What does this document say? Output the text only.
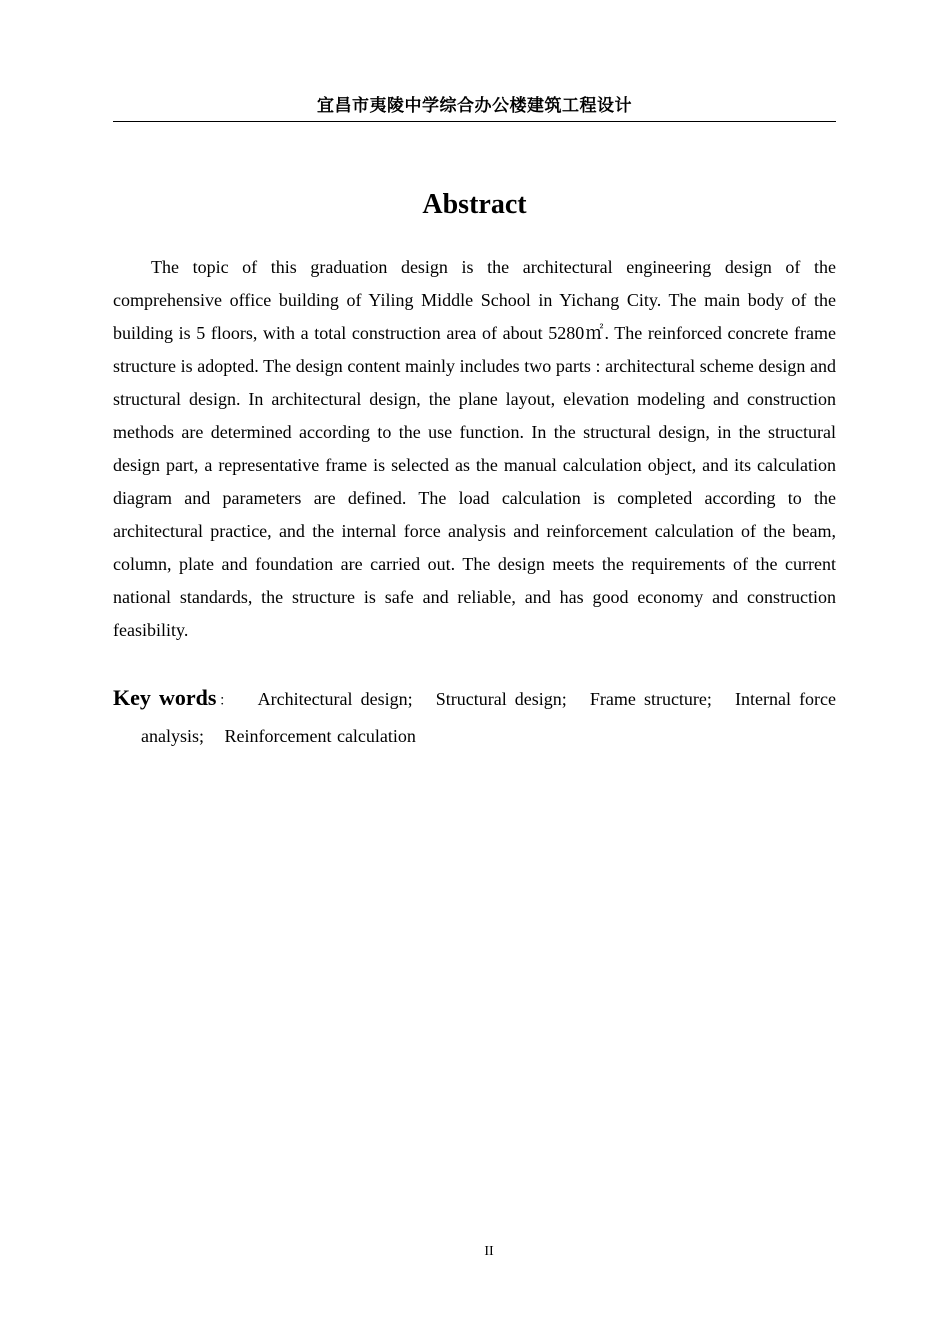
宜昌市夷陵中学综合办公楼建筑工程设计
Abstract

The topic of this graduation design is the architectural engineering design of the comprehensive office building of Yiling Middle School in Yichang City. The main body of the building is 5 floors, with a total construction area of about 5280㎡. The reinforced concrete frame structure is adopted. The design content mainly includes two parts : architectural scheme design and structural design. In architectural design, the plane layout, elevation modeling and construction methods are determined according to the use function. In the structural design, in the structural design part, a representative frame is selected as the manual calculation object, and its calculation diagram and parameters are defined. The load calculation is completed according to the architectural practice, and the internal force analysis and reinforcement calculation of the beam, column, plate and foundation are carried out. The design meets the requirements of the current national standards, the structure is safe and reliable, and has good economy and construction feasibility.

Key words： Architectural design; Structural design; Frame structure; Internal force analysis; Reinforcement calculation

II
